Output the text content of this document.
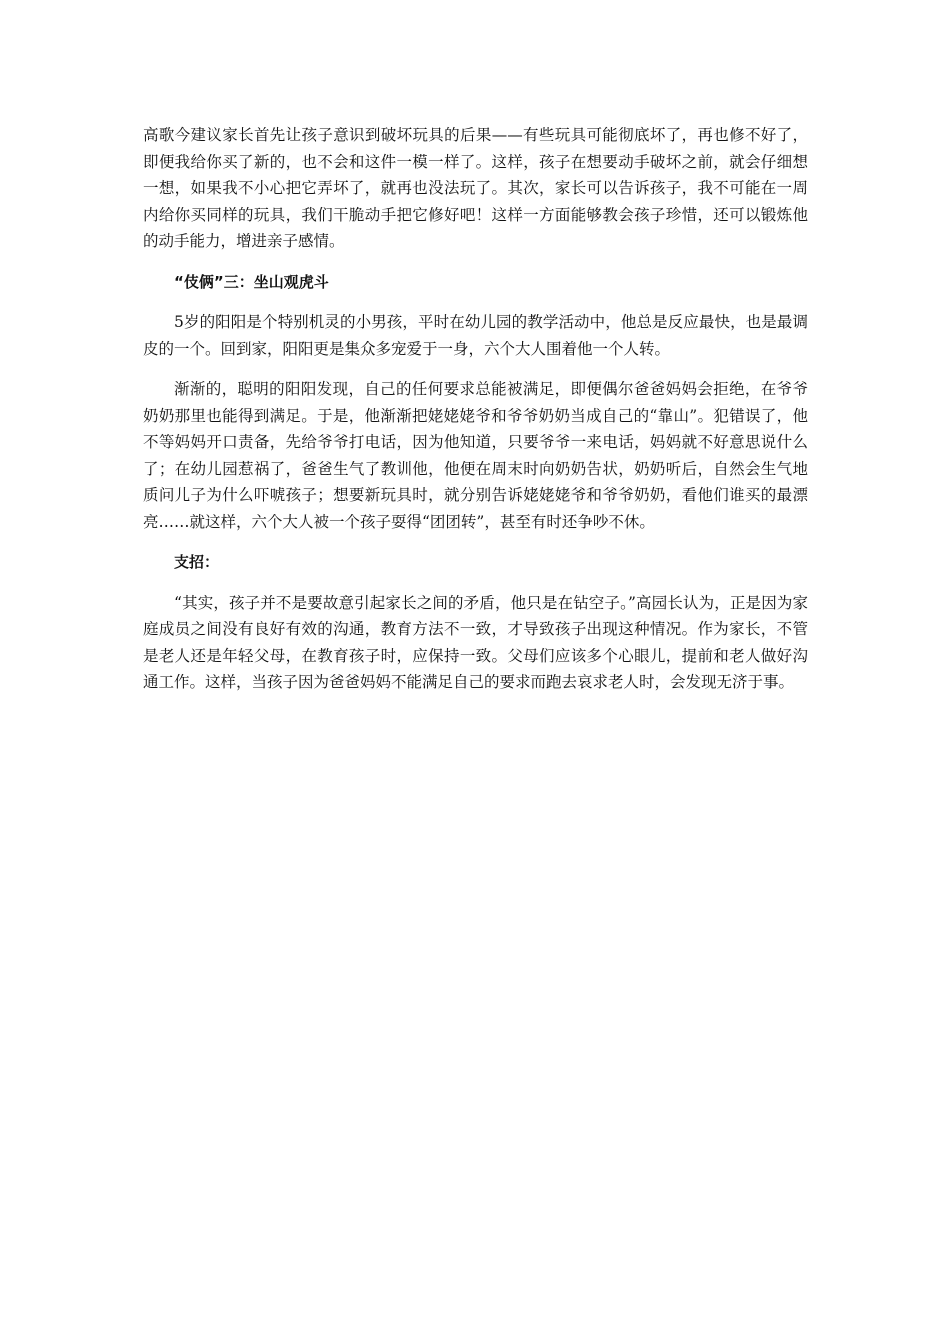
高歌今建议家长首先让孩子意识到破坏玩具的后果——有些玩具可能彻底坏了，再也修不好了，即便我给你买了新的，也不会和这件一模一样了。这样，孩子在想要动手破坏之前，就会仔细想一想，如果我不小心把它弄坏了，就再也没法玩了。其次，家长可以告诉孩子，我不可能在一周内给你买同样的玩具，我们干脆动手把它修好吧！这样一方面能够教会孩子珍惜，还可以锻炼他的动手能力，增进亲子感情。

“伎俩”三：坐山观虎斗

5岁的阳阳是个特别机灵的小男孩，平时在幼儿园的教学活动中，他总是反应最快，也是最调皮的一个。回到家，阳阳更是集众多宠爱于一身，六个大人围着他一个人转。

渐渐的，聪明的阳阳发现，自己的任何要求总能被满足，即便偶尔爸爸妈妈会拒绝，在爷爷奶奶那里也能得到满足。于是，他渐渐把姥姥姥爷和爷爷奶奶当成自己的“靠山”。犯错误了，他不等妈妈开口责备，先给爷爷打电话，因为他知道，只要爷爷一来电话，妈妈就不好意思说什么了；在幼儿园惹祸了，爸爸生气了教训他，他便在周末时向奶奶告状，奶奶听后，自然会生气地质问儿子为什么吓唬孩子；想要新玩具时，就分别告诉姥姥姥爷和爷爷奶奶，看他们谁买的最漂亮……就这样，六个大人被一个孩子耍得“团团转”，甚至有时还争吵不休。

支招：

“其实，孩子并不是要故意引起家长之间的矛盾，他只是在钻空子。”高园长认为，正是因为家庭成员之间没有良好有效的沟通，教育方法不一致，才导致孩子出现这种情况。作为家长，不管是老人还是年轻父母，在教育孩子时，应保持一致。父母们应该多个心眼儿，提前和老人做好沟通工作。这样，当孩子因为爸爸妈妈不能满足自己的要求而跑去哀求老人时，会发现无济于事。
